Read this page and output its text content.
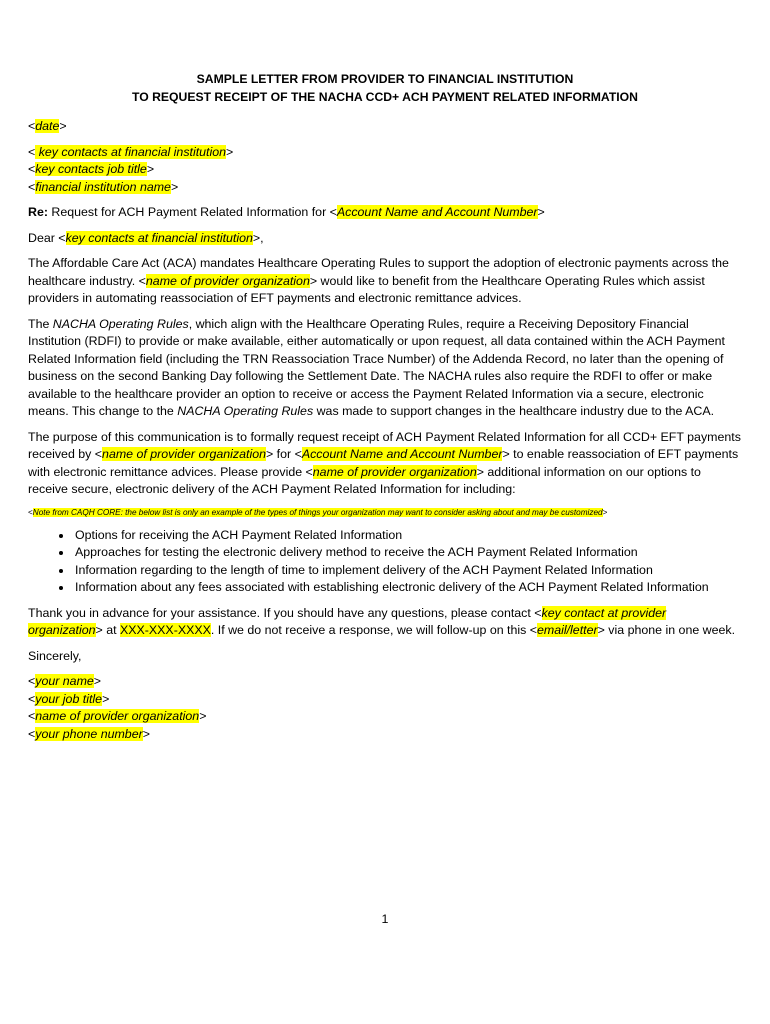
SAMPLE LETTER FROM PROVIDER TO FINANCIAL INSTITUTION
TO REQUEST RECEIPT OF THE NACHA CCD+ ACH PAYMENT RELATED INFORMATION

<date>

< key contacts at financial institution>
<key contacts job title>
<financial institution name>

Re: Request for ACH Payment Related Information for <Account Name and Account Number>

Dear <key contacts at financial institution>,

The Affordable Care Act (ACA) mandates Healthcare Operating Rules to support the adoption of electronic payments across the healthcare industry. <name of provider organization> would like to benefit from the Healthcare Operating Rules which assist providers in automating reassociation of EFT payments and electronic remittance advices.

The NACHA Operating Rules, which align with the Healthcare Operating Rules, require a Receiving Depository Financial Institution (RDFI) to provide or make available, either automatically or upon request, all data contained within the ACH Payment Related Information field (including the TRN Reassociation Trace Number) of the Addenda Record, no later than the opening of business on the second Banking Day following the Settlement Date. The NACHA rules also require the RDFI to offer or make available to the healthcare provider an option to receive or access the Payment Related Information via a secure, electronic means. This change to the NACHA Operating Rules was made to support changes in the healthcare industry due to the ACA.

The purpose of this communication is to formally request receipt of ACH Payment Related Information for all CCD+ EFT payments received by <name of provider organization> for <Account Name and Account Number> to enable reassociation of EFT payments with electronic remittance advices. Please provide <name of provider organization> additional information on our options to receive secure, electronic delivery of the ACH Payment Related Information for including:

<Note from CAQH CORE: the below list is only an example of the types of things your organization may want to consider asking about and may be customized>
• Options for receiving the ACH Payment Related Information
• Approaches for testing the electronic delivery method to receive the ACH Payment Related Information
• Information regarding to the length of time to implement delivery of the ACH Payment Related Information
• Information about any fees associated with establishing electronic delivery of the ACH Payment Related Information

Thank you in advance for your assistance. If you should have any questions, please contact <key contact at provider organization> at XXX-XXX-XXXX. If we do not receive a response, we will follow-up on this <email/letter> via phone in one week.

Sincerely,

<your name>
<your job title>
<name of provider organization>
<your phone number>
1
